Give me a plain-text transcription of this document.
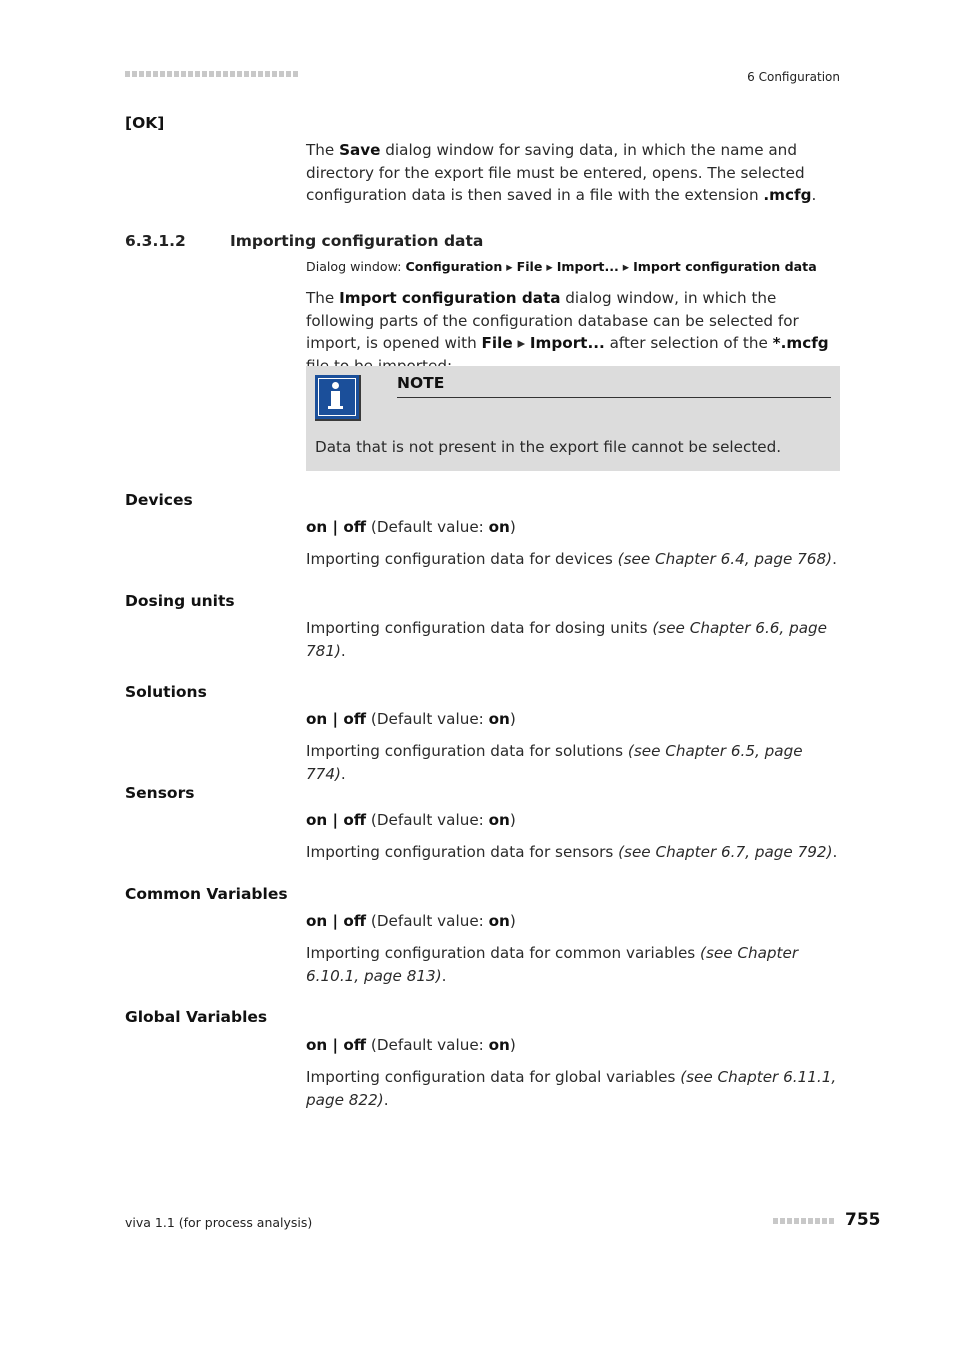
6 Configuration
[OK]
The Save dialog window for saving data, in which the name and directory for the export file must be entered, opens. The selected configuration data is then saved in a file with the extension .mcfg.
6.3.1.2	Importing configuration data
Dialog window: Configuration ▸ File ▸ Import... ▸ Import configuration data
The Import configuration data dialog window, in which the following parts of the configuration database can be selected for import, is opened with File ▸ Import... after selection of the *.mcfg
NOTE
Data that is not present in the export file cannot be selected.
Devices
on | off (Default value: on)
Importing configuration data for devices (see Chapter 6.4, page 768).
Dosing units
Importing configuration data for dosing units (see Chapter 6.6, page 781).
Solutions
on | off (Default value: on)
Importing configuration data for solutions (see Chapter 6.5, page 774).
Sensors
on | off (Default value: on)
Importing configuration data for sensors (see Chapter 6.7, page 792).
Common Variables
on | off (Default value: on)
Importing configuration data for common variables (see Chapter 6.10.1, page 813).
Global Variables
on | off (Default value: on)
Importing configuration data for global variables (see Chapter 6.11.1, page 822).
viva 1.1 (for process analysis)	755
